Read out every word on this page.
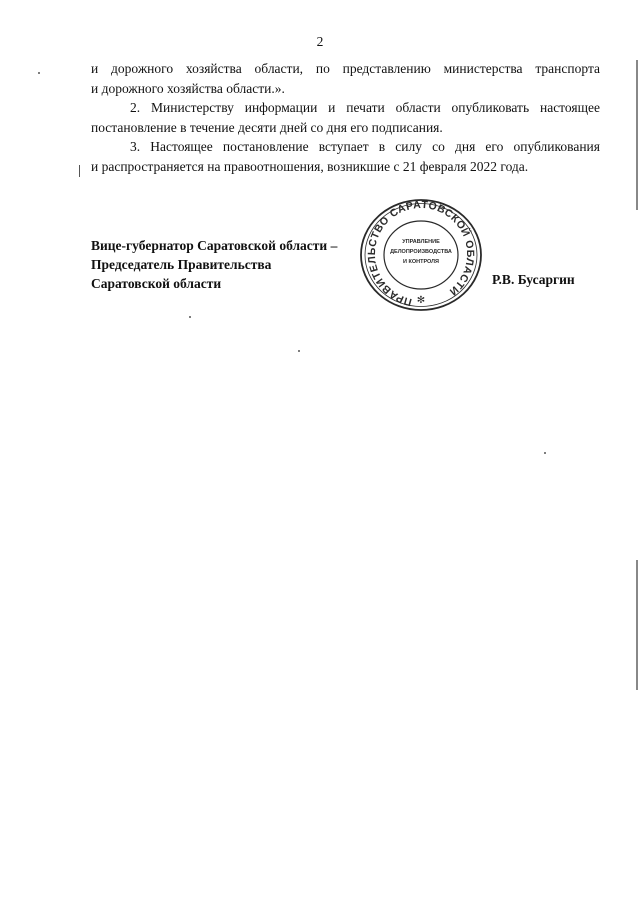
2

и дорожного хозяйства области, по представлению министерства транспорта
и дорожного хозяйства области.».

2. Министерству информации и печати области опубликовать настоящее
постановление в течение десяти дней со дня его подписания.

3. Настоящее постановление вступает в силу со дня его опубликования
и распространяется на правоотношения, возникшие с 21 февраля 2022 года.

Вице-губернатор Саратовской области –
Председатель Правительства
Саратовской области	Р.В. Бусаргин
ПРАВИТЕЛЬСТВО САРАТОВСКОЙ ОБЛАСТИ
УПРАВЛЕНИЕ
ДЕЛОПРОИЗВОДСТВА
И КОНТРОЛЯ
✻
